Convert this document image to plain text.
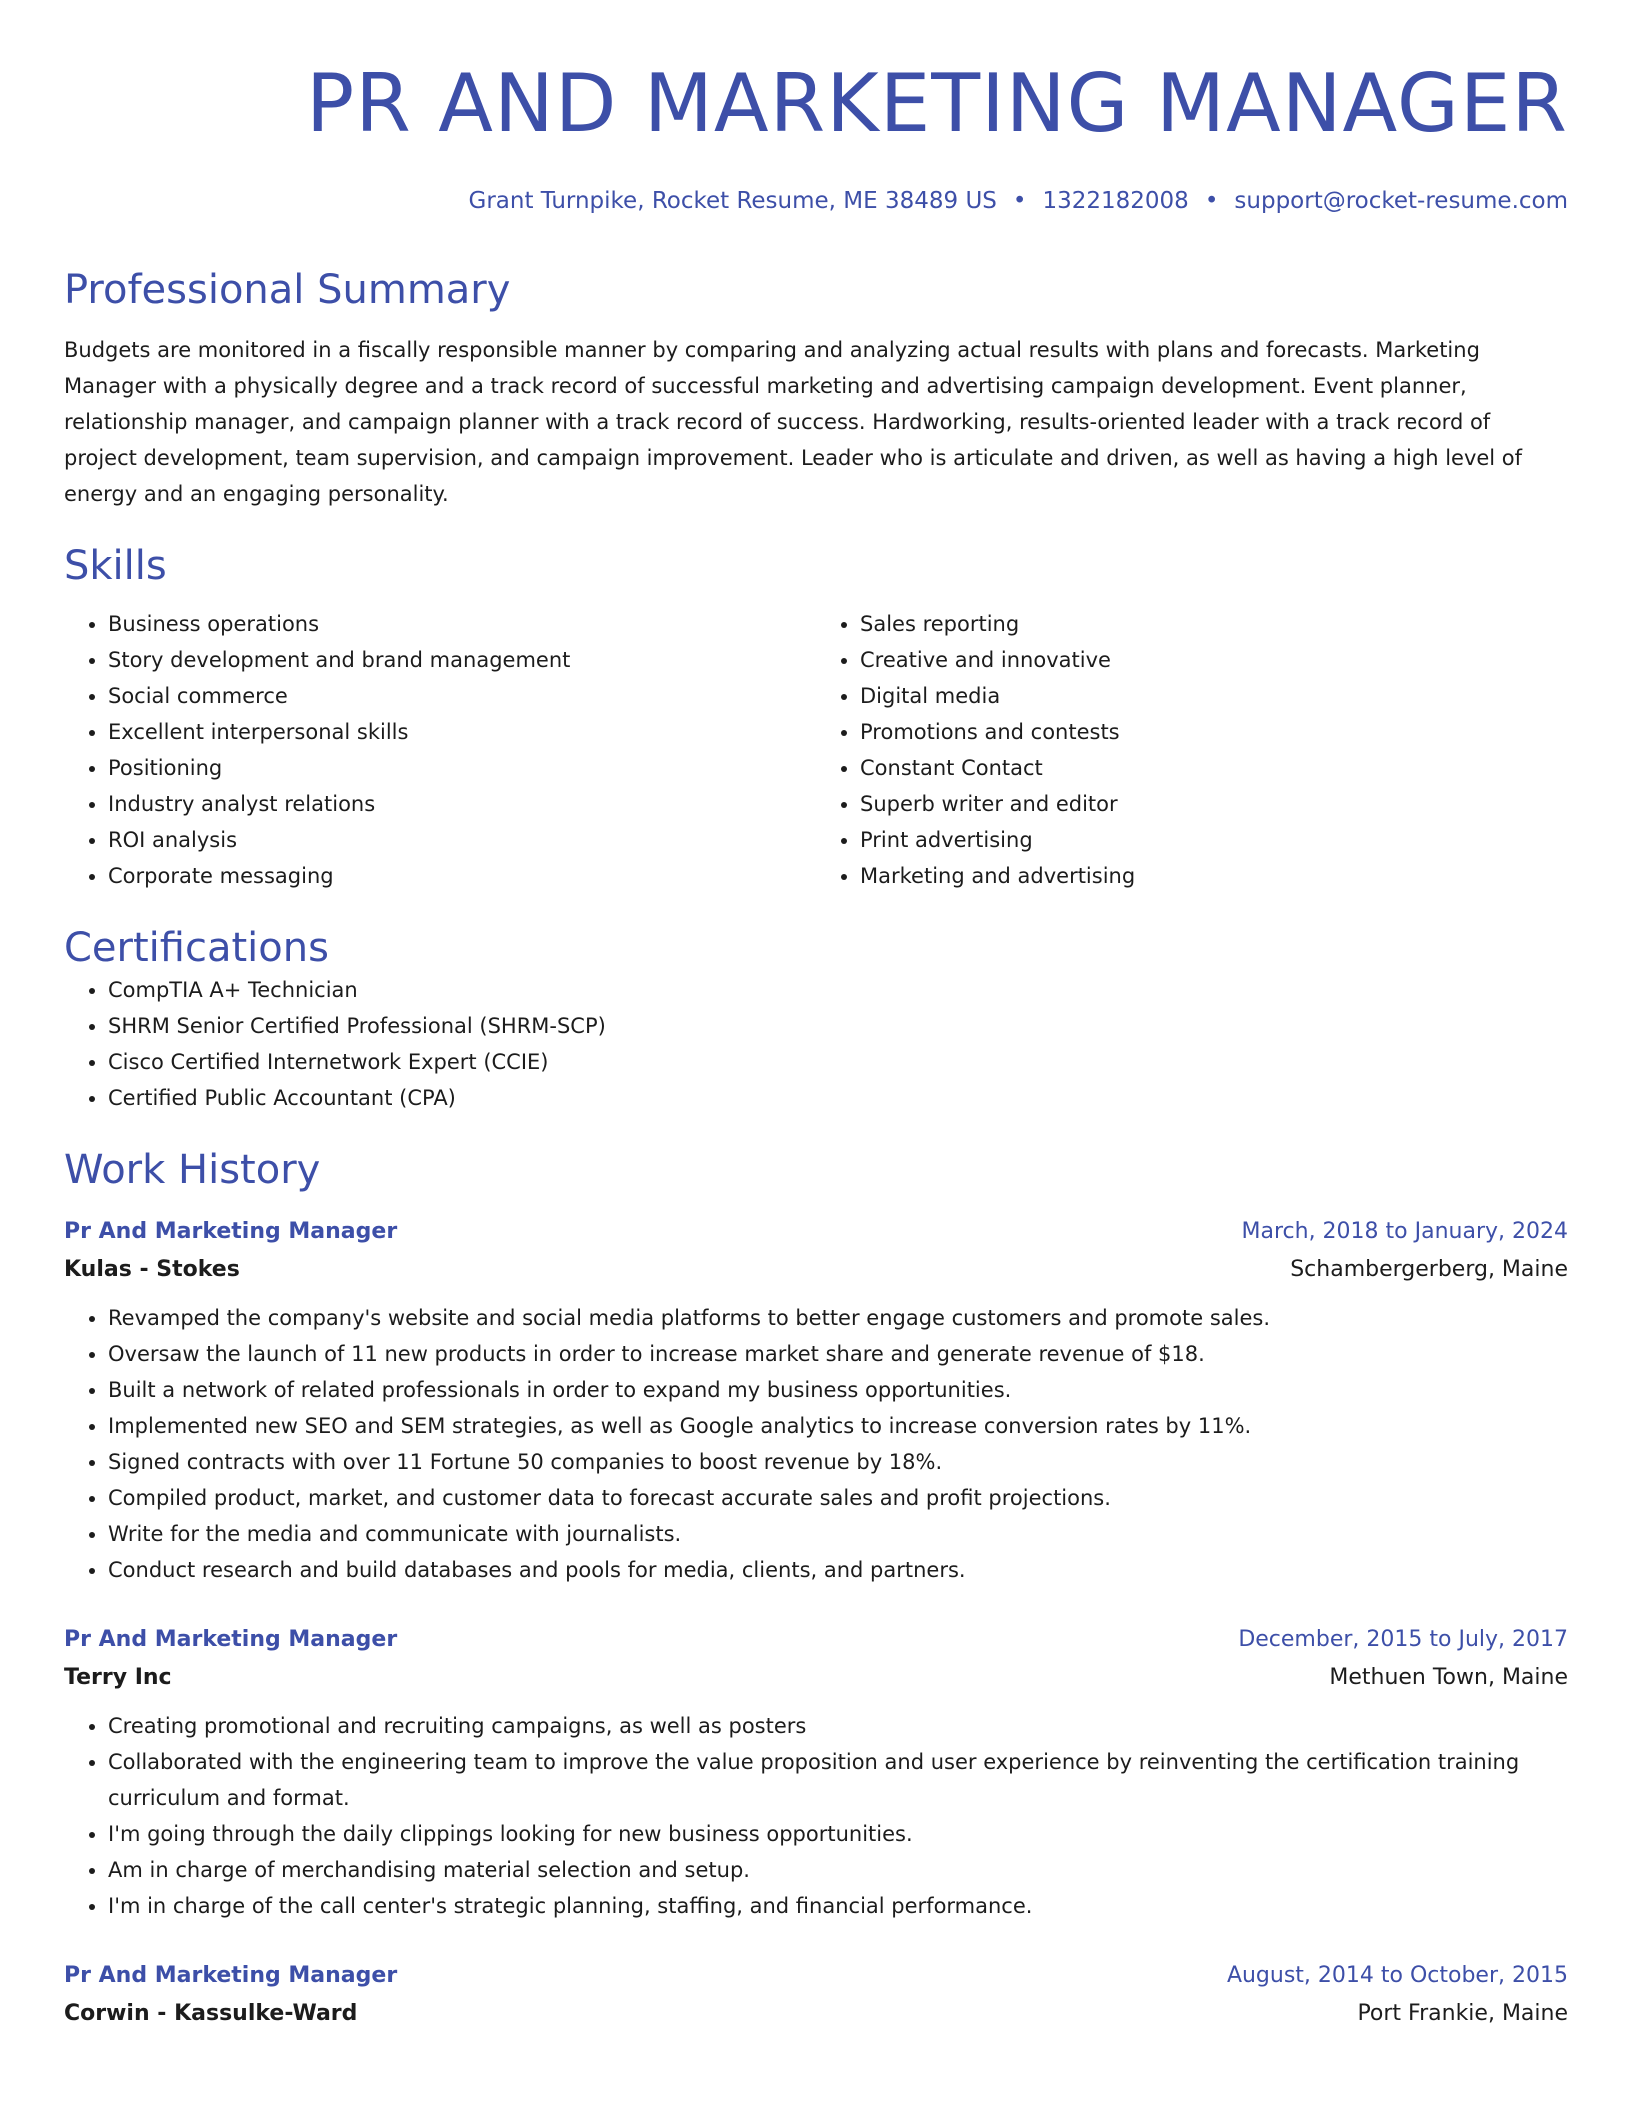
PR AND MARKETING MANAGER
Grant Turnpike, Rocket Resume, ME 38489 US • 1322182008 • support@rocket-resume.com
Professional Summary
Budgets are monitored in a fiscally responsible manner by comparing and analyzing actual results with plans and forecasts. Marketing Manager with a physically degree and a track record of successful marketing and advertising campaign development. Event planner, relationship manager, and campaign planner with a track record of success. Hardworking, results-oriented leader with a track record of project development, team supervision, and campaign improvement. Leader who is articulate and driven, as well as having a high level of energy and an engaging personality.
Skills
• Business operations
• Story development and brand management
• Social commerce
• Excellent interpersonal skills
• Positioning
• Industry analyst relations
• ROI analysis
• Corporate messaging
• Sales reporting
• Creative and innovative
• Digital media
• Promotions and contests
• Constant Contact
• Superb writer and editor
• Print advertising
• Marketing and advertising
Certifications
• CompTIA A+ Technician
• SHRM Senior Certified Professional (SHRM-SCP)
• Cisco Certified Internetwork Expert (CCIE)
• Certified Public Accountant (CPA)
Work History
Pr And Marketing Manager	March, 2018 to January, 2024
Kulas - Stokes	Schambergerberg, Maine
• Revamped the company's website and social media platforms to better engage customers and promote sales.
• Oversaw the launch of 11 new products in order to increase market share and generate revenue of $18.
• Built a network of related professionals in order to expand my business opportunities.
• Implemented new SEO and SEM strategies, as well as Google analytics to increase conversion rates by 11%.
• Signed contracts with over 11 Fortune 50 companies to boost revenue by 18%.
• Compiled product, market, and customer data to forecast accurate sales and profit projections.
• Write for the media and communicate with journalists.
• Conduct research and build databases and pools for media, clients, and partners.
Pr And Marketing Manager	December, 2015 to July, 2017
Terry Inc	Methuen Town, Maine
• Creating promotional and recruiting campaigns, as well as posters
• Collaborated with the engineering team to improve the value proposition and user experience by reinventing the certification training curriculum and format.
• I'm going through the daily clippings looking for new business opportunities.
• Am in charge of merchandising material selection and setup.
• I'm in charge of the call center's strategic planning, staffing, and financial performance.
Pr And Marketing Manager	August, 2014 to October, 2015
Corwin - Kassulke-Ward	Port Frankie, Maine
